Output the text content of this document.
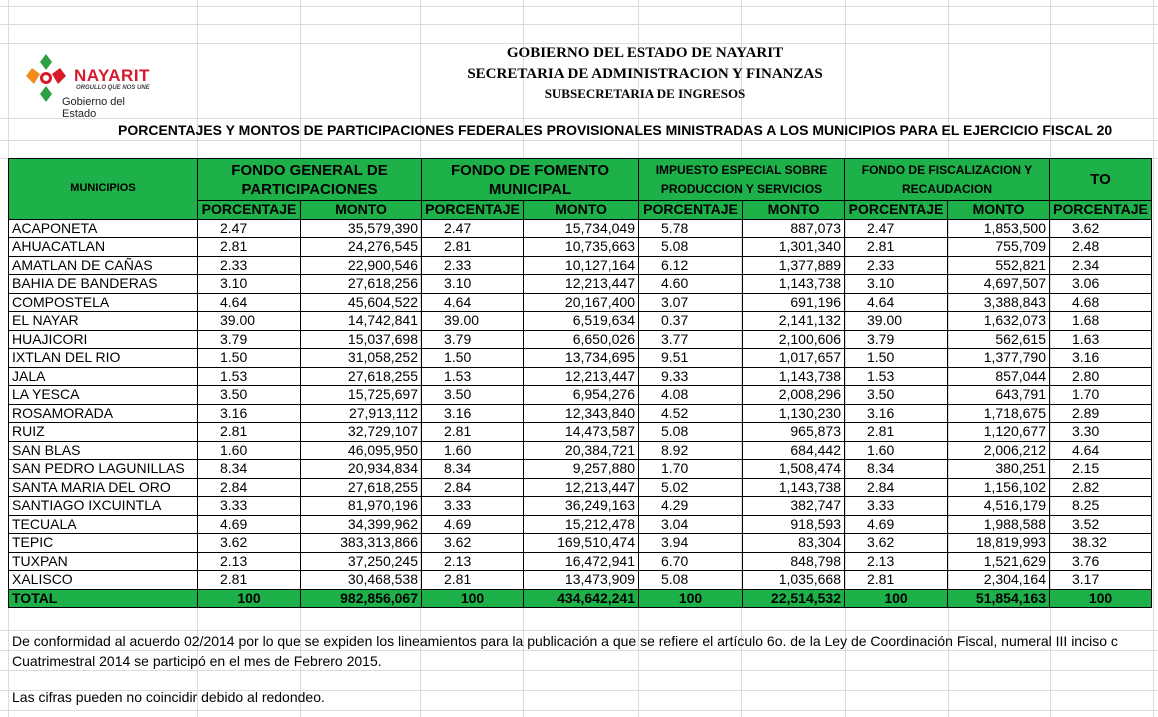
NAYARIT
ORGULLO QUE NOS UNE
Gobierno del Estado
GOBIERNO DEL ESTADO DE NAYARIT
SECRETARIA DE ADMINISTRACION Y FINANZAS
SUBSECRETARIA DE INGRESOS
PORCENTAJES Y MONTOS DE PARTICIPACIONES FEDERALES PROVISIONALES MINISTRADAS A LOS MUNICIPIOS PARA EL EJERCICIO FISCAL 20
MUNICIPIOS	FONDO GENERAL DE PARTICIPACIONES		FONDO DE FOMENTO MUNICIPAL		IMPUESTO ESPECIAL SOBRE PRODUCCION Y SERVICIOS		FONDO DE FISCALIZACION Y RECAUDACION		TO
	PORCENTAJE	MONTO	PORCENTAJE	MONTO	PORCENTAJE	MONTO	PORCENTAJE	MONTO	PORCENTAJE
ACAPONETA	2.47	35,579,390	2.47	15,734,049	5.78	887,073	2.47	1,853,500	3.62
AHUACATLAN	2.81	24,276,545	2.81	10,735,663	5.08	1,301,340	2.81	755,709	2.48
AMATLAN DE CAÑAS	2.33	22,900,546	2.33	10,127,164	6.12	1,377,889	2.33	552,821	2.34
BAHIA DE BANDERAS	3.10	27,618,256	3.10	12,213,447	4.60	1,143,738	3.10	4,697,507	3.06
COMPOSTELA	4.64	45,604,522	4.64	20,167,400	3.07	691,196	4.64	3,388,843	4.68
EL NAYAR	39.00	14,742,841	39.00	6,519,634	0.37	2,141,132	39.00	1,632,073	1.68
HUAJICORI	3.79	15,037,698	3.79	6,650,026	3.77	2,100,606	3.79	562,615	1.63
IXTLAN DEL RIO	1.50	31,058,252	1.50	13,734,695	9.51	1,017,657	1.50	1,377,790	3.16
JALA	1.53	27,618,255	1.53	12,213,447	9.33	1,143,738	1.53	857,044	2.80
LA YESCA	3.50	15,725,697	3.50	6,954,276	4.08	2,008,296	3.50	643,791	1.70
ROSAMORADA	3.16	27,913,112	3.16	12,343,840	4.52	1,130,230	3.16	1,718,675	2.89
RUIZ	2.81	32,729,107	2.81	14,473,587	5.08	965,873	2.81	1,120,677	3.30
SAN BLAS	1.60	46,095,950	1.60	20,384,721	8.92	684,442	1.60	2,006,212	4.64
SAN PEDRO LAGUNILLAS	8.34	20,934,834	8.34	9,257,880	1.70	1,508,474	8.34	380,251	2.15
SANTA MARIA DEL ORO	2.84	27,618,255	2.84	12,213,447	5.02	1,143,738	2.84	1,156,102	2.82
SANTIAGO IXCUINTLA	3.33	81,970,196	3.33	36,249,163	4.29	382,747	3.33	4,516,179	8.25
TECUALA	4.69	34,399,962	4.69	15,212,478	3.04	918,593	4.69	1,988,588	3.52
TEPIC	3.62	383,313,866	3.62	169,510,474	3.94	83,304	3.62	18,819,993	38.32
TUXPAN	2.13	37,250,245	2.13	16,472,941	6.70	848,798	2.13	1,521,629	3.76
XALISCO	2.81	30,468,538	2.81	13,473,909	5.08	1,035,668	2.81	2,304,164	3.17
TOTAL	100	982,856,067	100	434,642,241	100	22,514,532	100	51,854,163	100
De conformidad al acuerdo 02/2014 por lo que se expiden los lineamientos para la publicación a que se refiere el artículo 6o. de la Ley de Coordinación Fiscal, numeral III inciso c
Cuatrimestral 2014 se participó en el mes de Febrero 2015.
Las cifras pueden no coincidir debido al redondeo.
